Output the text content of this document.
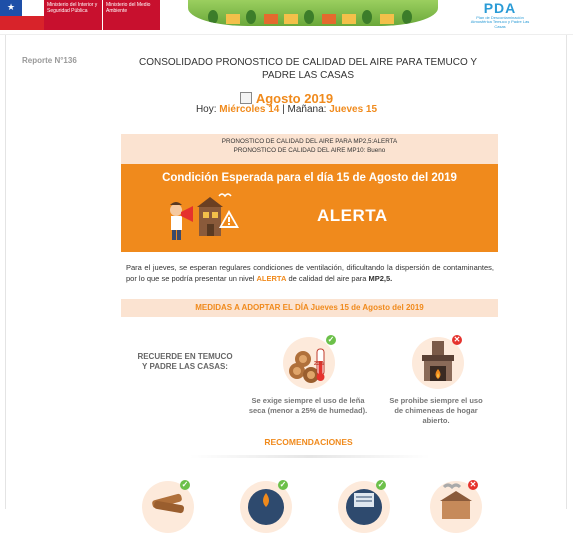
★	Ministerio del Interior y Seguridad Pública
Ministerio del Medio Ambiente	PDA
Plan de Descontaminación Atmosférica Temuco y Padre Las Casas
Reporte N°136	CONSOLIDADO PRONOSTICO DE CALIDAD DEL AIRE PARA TEMUCO Y PADRE LAS CASAS
Agosto 2019
Hoy: Miércoles 14 | Mañana: Jueves 15
PRONOSTICO DE CALIDAD DEL AIRE PARA MP2,5:ALERTA
PRONOSTICO DE CALIDAD DEL AIRE MP10: Bueno
Condición Esperada para el día 15 de Agosto del 2019
ALERTA
Para el jueves, se esperan regulares condiciones de ventilación, dificultando la dispersión de contaminantes, por lo que se podría presentar un nivel ALERTA de calidad del aire para MP2,5.
MEDIDAS A ADOPTAR EL DÍA Jueves 15 de Agosto del 2019
RECUERDE EN TEMUCO Y PADRE LAS CASAS:
✓
25%
Se exige siempre el uso de leña seca (menor a 25% de humedad).
✕
Se prohibe siempre el uso de chimeneas de hogar abierto.
RECOMENDACIONES
✓	✓	✓	✕
